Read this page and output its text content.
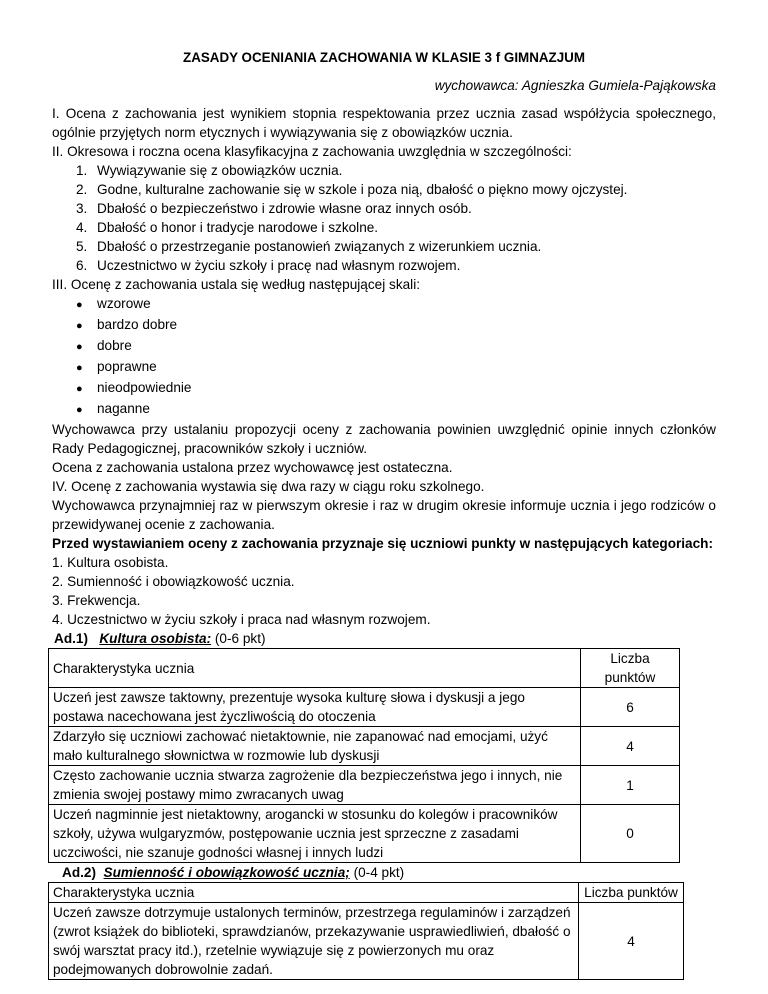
ZASADY OCENIANIA ZACHOWANIA W KLASIE 3 f GIMNAZJUM
wychowawca: Agnieszka Gumiela-Pająkowska

I. Ocena z zachowania jest wynikiem stopnia respektowania przez ucznia zasad współżycia społecznego, ogólnie przyjętych norm etycznych i wywiązywania się z obowiązków ucznia.

II. Okresowa i roczna ocena klasyfikacyjna z zachowania uwzględnia w szczególności:

1. Wywiązywanie się z obowiązków ucznia.
2. Godne, kulturalne zachowanie się w szkole i poza nią, dbałość o piękno mowy ojczystej.
3. Dbałość o bezpieczeństwo i zdrowie własne oraz innych osób.
4. Dbałość o honor i tradycje narodowe i szkolne.
5. Dbałość o przestrzeganie postanowień związanych z wizerunkiem ucznia.
6. Uczestnictwo w życiu szkoły i pracę nad własnym rozwojem.

III. Ocenę z zachowania ustala się według następującej skali:

● wzorowe
● bardzo dobre
● dobre
● poprawne
● nieodpowiednie
● naganne

Wychowawca przy ustalaniu propozycji oceny z zachowania powinien uwzględnić opinie innych członków Rady Pedagogicznej, pracowników szkoły i uczniów.

Ocena z zachowania ustalona przez wychowawcę jest ostateczna.

IV. Ocenę z zachowania wystawia się dwa razy w ciągu roku szkolnego.

Wychowawca przynajmniej raz w pierwszym okresie i raz w drugim okresie informuje ucznia i jego rodziców o przewidywanej ocenie z zachowania.

Przed wystawianiem oceny z zachowania przyznaje się uczniowi punkty w następujących kategoriach:

1. Kultura osobista.
2. Sumienność i obowiązkowość ucznia.
3. Frekwencja.
4. Uczestnictwo w życiu szkoły i praca nad własnym rozwojem.
Ad.1) Kultura osobista: (0-6 pkt)
Charakterystyka ucznia	Liczba punktów
Uczeń jest zawsze taktowny, prezentuje wysoka kulturę słowa i dyskusji a jego postawa nacechowana jest życzliwością do otoczenia	6
Zdarzyło się uczniowi zachować nietaktownie, nie zapanować nad emocjami, użyć mało kulturalnego słownictwa w rozmowie lub dyskusji	4
Często zachowanie ucznia stwarza zagrożenie dla bezpieczeństwa jego i innych, nie zmienia swojej postawy mimo zwracanych uwag	1
Uczeń nagminnie jest nietaktowny, arogancki w stosunku do kolegów i pracowników szkoły, używa wulgaryzmów, postępowanie ucznia jest sprzeczne z zasadami uczciwości, nie szanuje godności własnej i innych ludzi	0
Ad.2) Sumienność i obowiązkowość ucznia; (0-4 pkt)
Charakterystyka ucznia	Liczba punktów
Uczeń zawsze dotrzymuje ustalonych terminów, przestrzega regulaminów i zarządzeń (zwrot książek do biblioteki, sprawdzianów, przekazywanie usprawiedliwień, dbałość o swój warsztat pracy itd.), rzetelnie wywiązuje się z powierzonych mu oraz podejmowanych dobrowolnie zadań.	4
